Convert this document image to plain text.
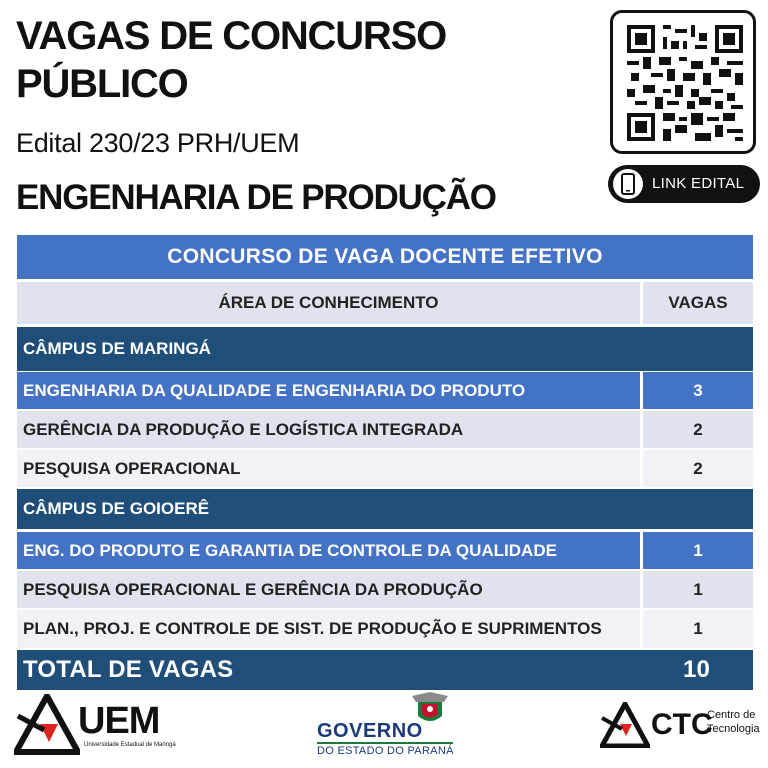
VAGAS DE CONCURSO PÚBLICO

Edital 230/23 PRH/UEM

ENGENHARIA DE PRODUÇÃO	LINK EDITAL
CONCURSO DE VAGA DOCENTE EFETIVO
ÁREA DE CONHECIMENTO	VAGAS
CÂMPUS DE MARINGÁ
ENGENHARIA DA QUALIDADE E ENGENHARIA DO PRODUTO	3
GERÊNCIA DA PRODUÇÃO E LOGÍSTICA INTEGRADA	2
PESQUISA OPERACIONAL	2
CÂMPUS DE GOIOERÊ
ENG. DO PRODUTO E GARANTIA DE CONTROLE DA QUALIDADE	1
PESQUISA OPERACIONAL E GERÊNCIA DA PRODUÇÃO	1
PLAN., PROJ. E CONTROLE DE SIST. DE PRODUÇÃO E SUPRIMENTOS	1
TOTAL DE VAGAS	10
UEM
Universidade Estadual de Maringá
GOVERNO
DO ESTADO DO PARANÁ
CTC
Centro de Tecnologia
